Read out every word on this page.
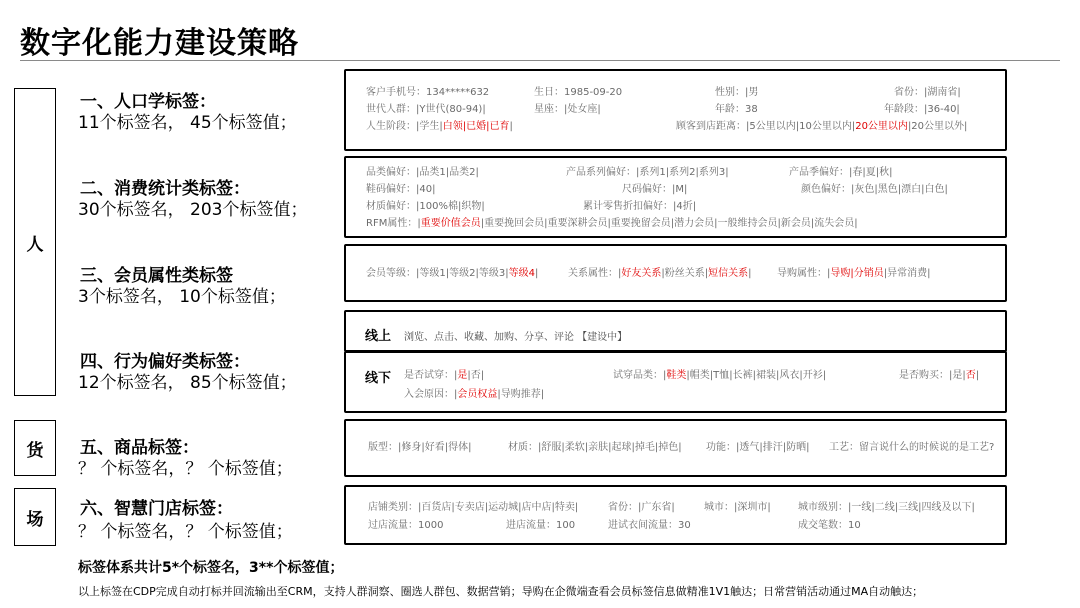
数字化能力建设策略
人
货
场
一、人口学标签：
11个标签名， 45个标签值；
二、消费统计类标签：
30个标签名， 203个标签值；
三、会员属性类标签
3个标签名， 10个标签值；
四、行为偏好类标签：
12个标签名， 85个标签值；
五、商品标签：
？ 个标签名，？ 个标签值；
六、智慧门店标签：
？ 个标签名，？ 个标签值；
客户手机号：134*****632	生日：1985-09-20	性别：|男	省份：|湖南省|
世代人群：|Y世代(80-94)|	星座：|处女座|	年龄：38	年龄段：|36-40|
人生阶段：|学生|白领|已婚|已育|	顾客到店距离：|5公里以内|10公里以内|20公里以内|20公里以外|
品类偏好：|品类1|品类2|	产品系列偏好：|系列1|系列2|系列3|	产品季偏好：|春|夏|秋|
鞋码偏好：|40|	尺码偏好：|M|	颜色偏好：|灰色|黑色|漂白|白色|
材质偏好：|100%棉|织物|	累计零售折扣偏好：|4折|
RFM属性：|重要价值会员|重要挽回会员|重要深耕会员|重要挽留会员|潜力会员|一般维持会员|新会员|流失会员|
会员等级：|等级1|等级2|等级3|等级4|	关系属性：|好友关系|粉丝关系|短信关系|	导购属性：|导购|分销员|异常消费|
线上 浏览、点击、收藏、加购、分享、评论 【建设中】
线下 是否试穿：|是|否|	试穿品类：|鞋类|帽类|T恤|长裤|裙装|风衣|开衫|	是否购买：|是|否|
入会原因：|会员权益|导购推荐|
版型：|修身|好看|得体|	材质：|舒服|柔软|亲肤|起球|掉毛|掉色| 功能：|透气|排汗|防晒| 工艺：留言说什么的时候说的是工艺?
店铺类别：|百货店|专卖店|运动城|店中店|特卖|	省份：|广东省|	城市：|深圳市|	城市级别：|一线|二线|三线|四线及以下|
过店流量：1000	进店流量：100	进试衣间流量：30	成交笔数：10
标签体系共计5*个标签名，3**个标签值；
以上标签在CDP完成自动打标并回流输出至CRM，支持人群洞察、圈选人群包、数据营销；导购在企微端查看会员标签信息做精准1V1触达；日常营销活动通过MA自动触达；
